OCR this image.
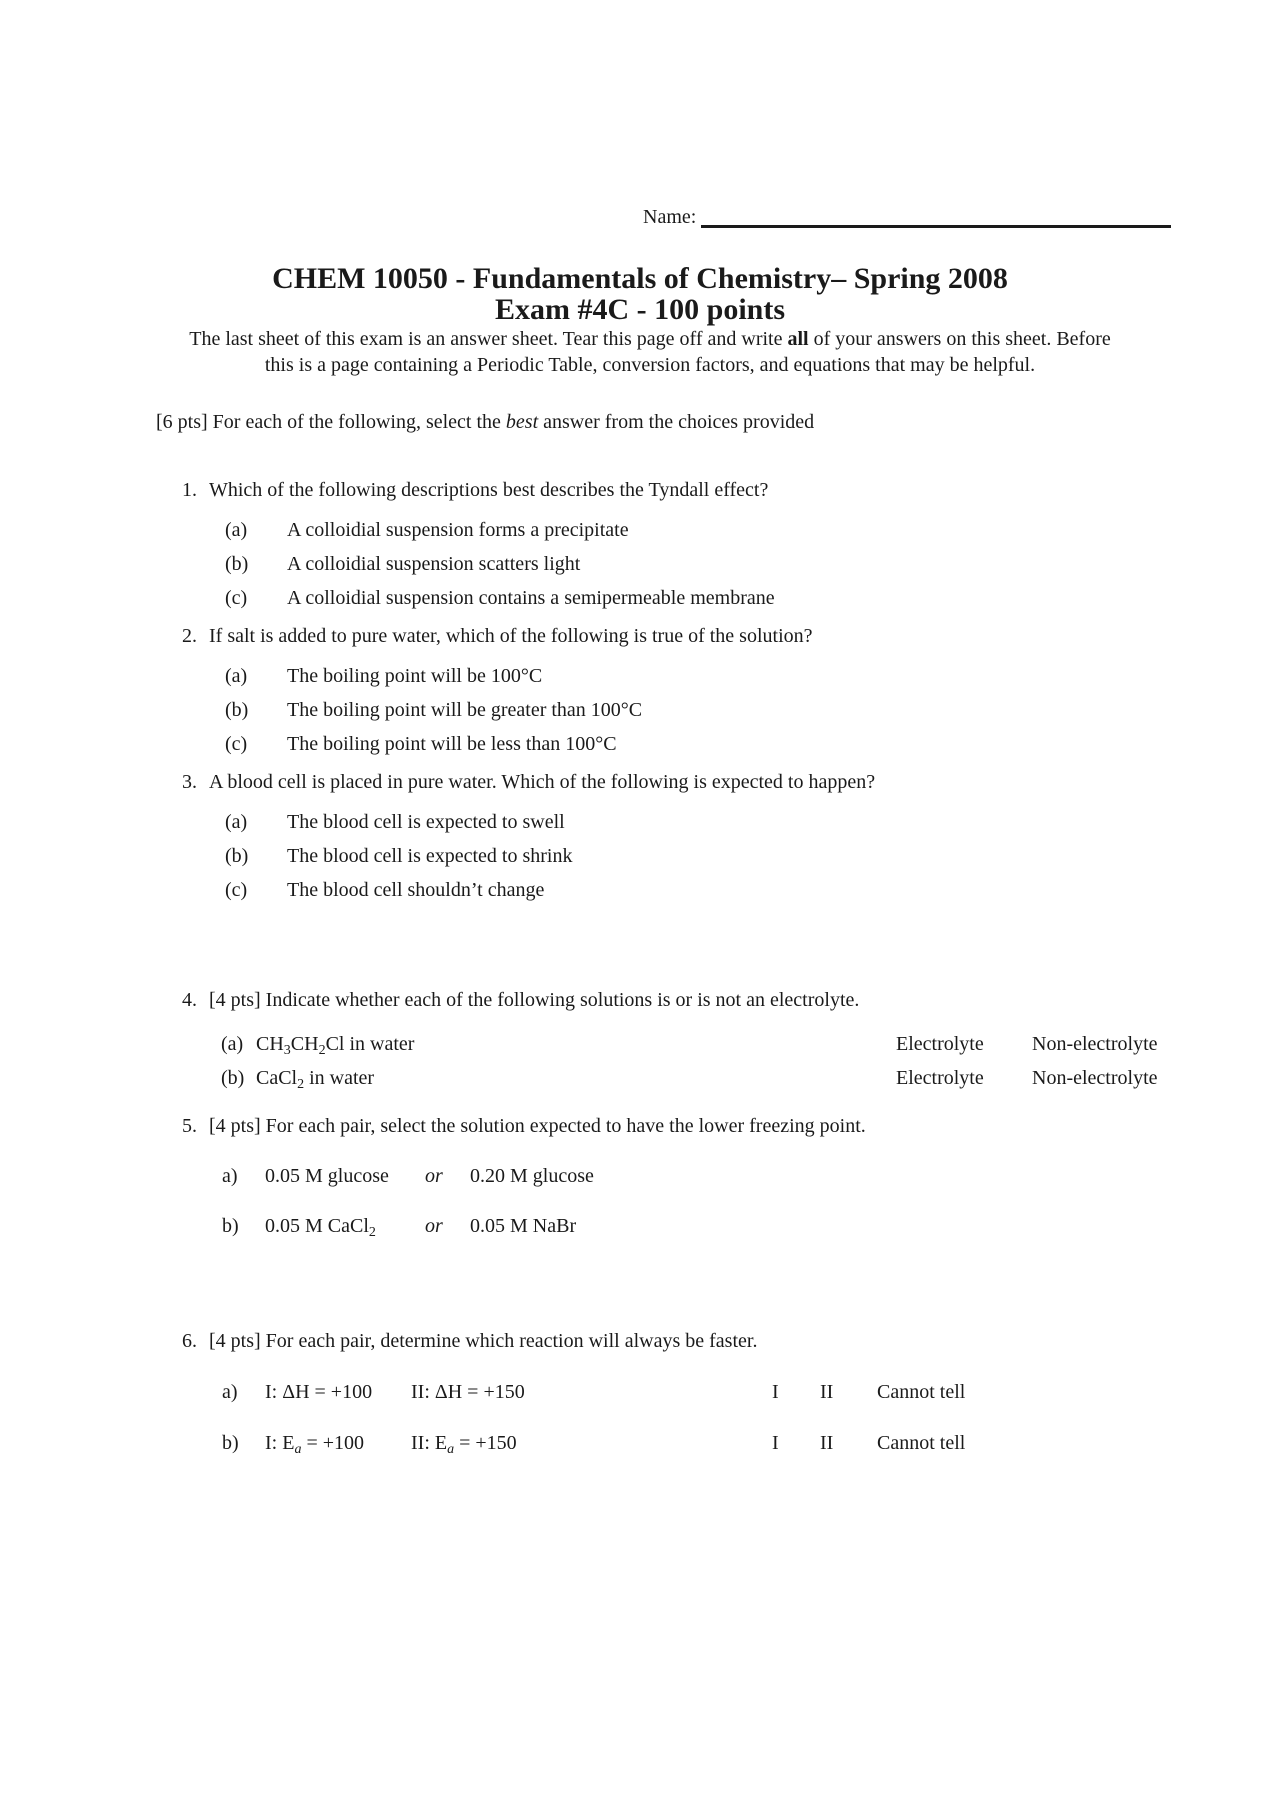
Name:
CHEM 10050 - Fundamentals of Chemistry– Spring 2008
Exam #4C - 100 points
The last sheet of this exam is an answer sheet. Tear this page off and write all of your answers on this sheet. Before
this is a page containing a Periodic Table, conversion factors, and equations that may be helpful.
[6 pts] For each of the following, select the best answer from the choices provided
1. Which of the following descriptions best describes the Tyndall effect?
(a) A colloidial suspension forms a precipitate
(b) A colloidial suspension scatters light
(c) A colloidial suspension contains a semipermeable membrane
2. If salt is added to pure water, which of the following is true of the solution?
(a) The boiling point will be 100°C
(b) The boiling point will be greater than 100°C
(c) The boiling point will be less than 100°C
3. A blood cell is placed in pure water. Which of the following is expected to happen?
(a) The blood cell is expected to swell
(b) The blood cell is expected to shrink
(c) The blood cell shouldn’t change
4. [4 pts] Indicate whether each of the following solutions is or is not an electrolyte.
(a) $CH_3CH_2Cl$ in water	Electrolyte Non-electrolyte
(b) CaCl$_2$ in water	Electrolyte Non-electrolyte
5. [4 pts] For each pair, select the solution expected to have the lower freezing point.
a) 0.05 M glucose or 0.20 M glucose
b) 0.05 M CaCl$_2$ or 0.05 M NaBr
6. [4 pts] For each pair, determine which reaction will always be faster.
a) I: ΔH = +100 II: ΔH = +150	I II Cannot tell
b) I: $E_a = +100$ II: $E_a = +150$	I II Cannot tell
